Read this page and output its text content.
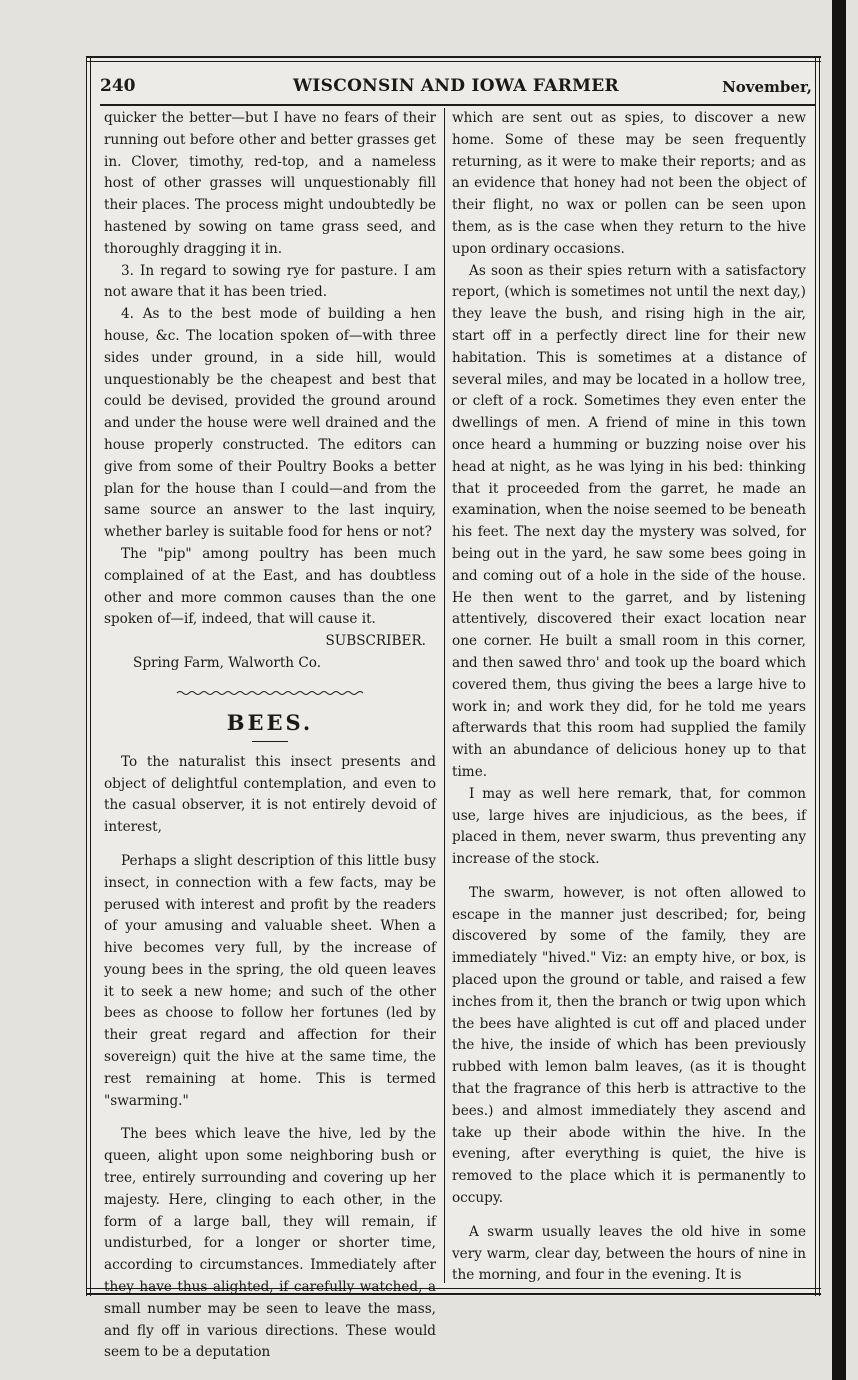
240	WISCONSIN AND IOWA FARMER	November,

quicker the better—but I have no fears of their running out before other and better grasses get in. Clover, timothy, red-top, and a nameless host of other grasses will unquestionably fill their places. The process might undoubtedly be hastened by sowing on tame grass seed, and thoroughly dragging it in.

3. In regard to sowing rye for pasture. I am not aware that it has been tried.

4. As to the best mode of building a hen house, &c. The location spoken of—with three sides under ground, in a side hill, would unquestionably be the cheapest and best that could be devised, provided the ground around and under the house were well drained and the house properly constructed. The editors can give from some of their Poultry Books a better plan for the house than I could—and from the same source an answer to the last inquiry, whether barley is suitable food for hens or not?

The "pip" among poultry has been much complained of at the East, and has doubtless other and more common causes than the one spoken of—if, indeed, that will cause it.

SUBSCRIBER.

Spring Farm, Walworth Co.

BEES.

To the naturalist this insect presents and object of delightful contemplation, and even to the casual observer, it is not entirely devoid of interest,

Perhaps a slight description of this little busy insect, in connection with a few facts, may be perused with interest and profit by the readers of your amusing and valuable sheet. When a hive becomes very full, by the increase of young bees in the spring, the old queen leaves it to seek a new home; and such of the other bees as choose to follow her fortunes (led by their great regard and affection for their sovereign) quit the hive at the same time, the rest remaining at home. This is termed "swarming."

The bees which leave the hive, led by the queen, alight upon some neighboring bush or tree, entirely surrounding and covering up her majesty. Here, clinging to each other, in the form of a large ball, they will remain, if undisturbed, for a longer or shorter time, according to circumstances. Immediately after they have thus alighted, if carefully watched, a small number may be seen to leave the mass, and fly off in various directions. These would seem to be a deputation

which are sent out as spies, to discover a new home. Some of these may be seen frequently returning, as it were to make their reports; and as an evidence that honey had not been the object of their flight, no wax or pollen can be seen upon them, as is the case when they return to the hive upon ordinary occasions.

As soon as their spies return with a satisfactory report, (which is sometimes not until the next day,) they leave the bush, and rising high in the air, start off in a perfectly direct line for their new habitation. This is sometimes at a distance of several miles, and may be located in a hollow tree, or cleft of a rock. Sometimes they even enter the dwellings of men. A friend of mine in this town once heard a humming or buzzing noise over his head at night, as he was lying in his bed: thinking that it proceeded from the garret, he made an examination, when the noise seemed to be beneath his feet. The next day the mystery was solved, for being out in the yard, he saw some bees going in and coming out of a hole in the side of the house. He then went to the garret, and by listening attentively, discovered their exact location near one corner. He built a small room in this corner, and then sawed thro' and took up the board which covered them, thus giving the bees a large hive to work in; and work they did, for he told me years afterwards that this room had supplied the family with an abundance of delicious honey up to that time.

I may as well here remark, that, for common use, large hives are injudicious, as the bees, if placed in them, never swarm, thus preventing any increase of the stock.

The swarm, however, is not often allowed to escape in the manner just described; for, being discovered by some of the family, they are immediately "hived." Viz: an empty hive, or box, is placed upon the ground or table, and raised a few inches from it, then the branch or twig upon which the bees have alighted is cut off and placed under the hive, the inside of which has been previously rubbed with lemon balm leaves, (as it is thought that the fragrance of this herb is attractive to the bees.) and almost immediately they ascend and take up their abode within the hive. In the evening, after everything is quiet, the hive is removed to the place which it is permanently to occupy.

A swarm usually leaves the old hive in some very warm, clear day, between the hours of nine in the morning, and four in the evening. It is
